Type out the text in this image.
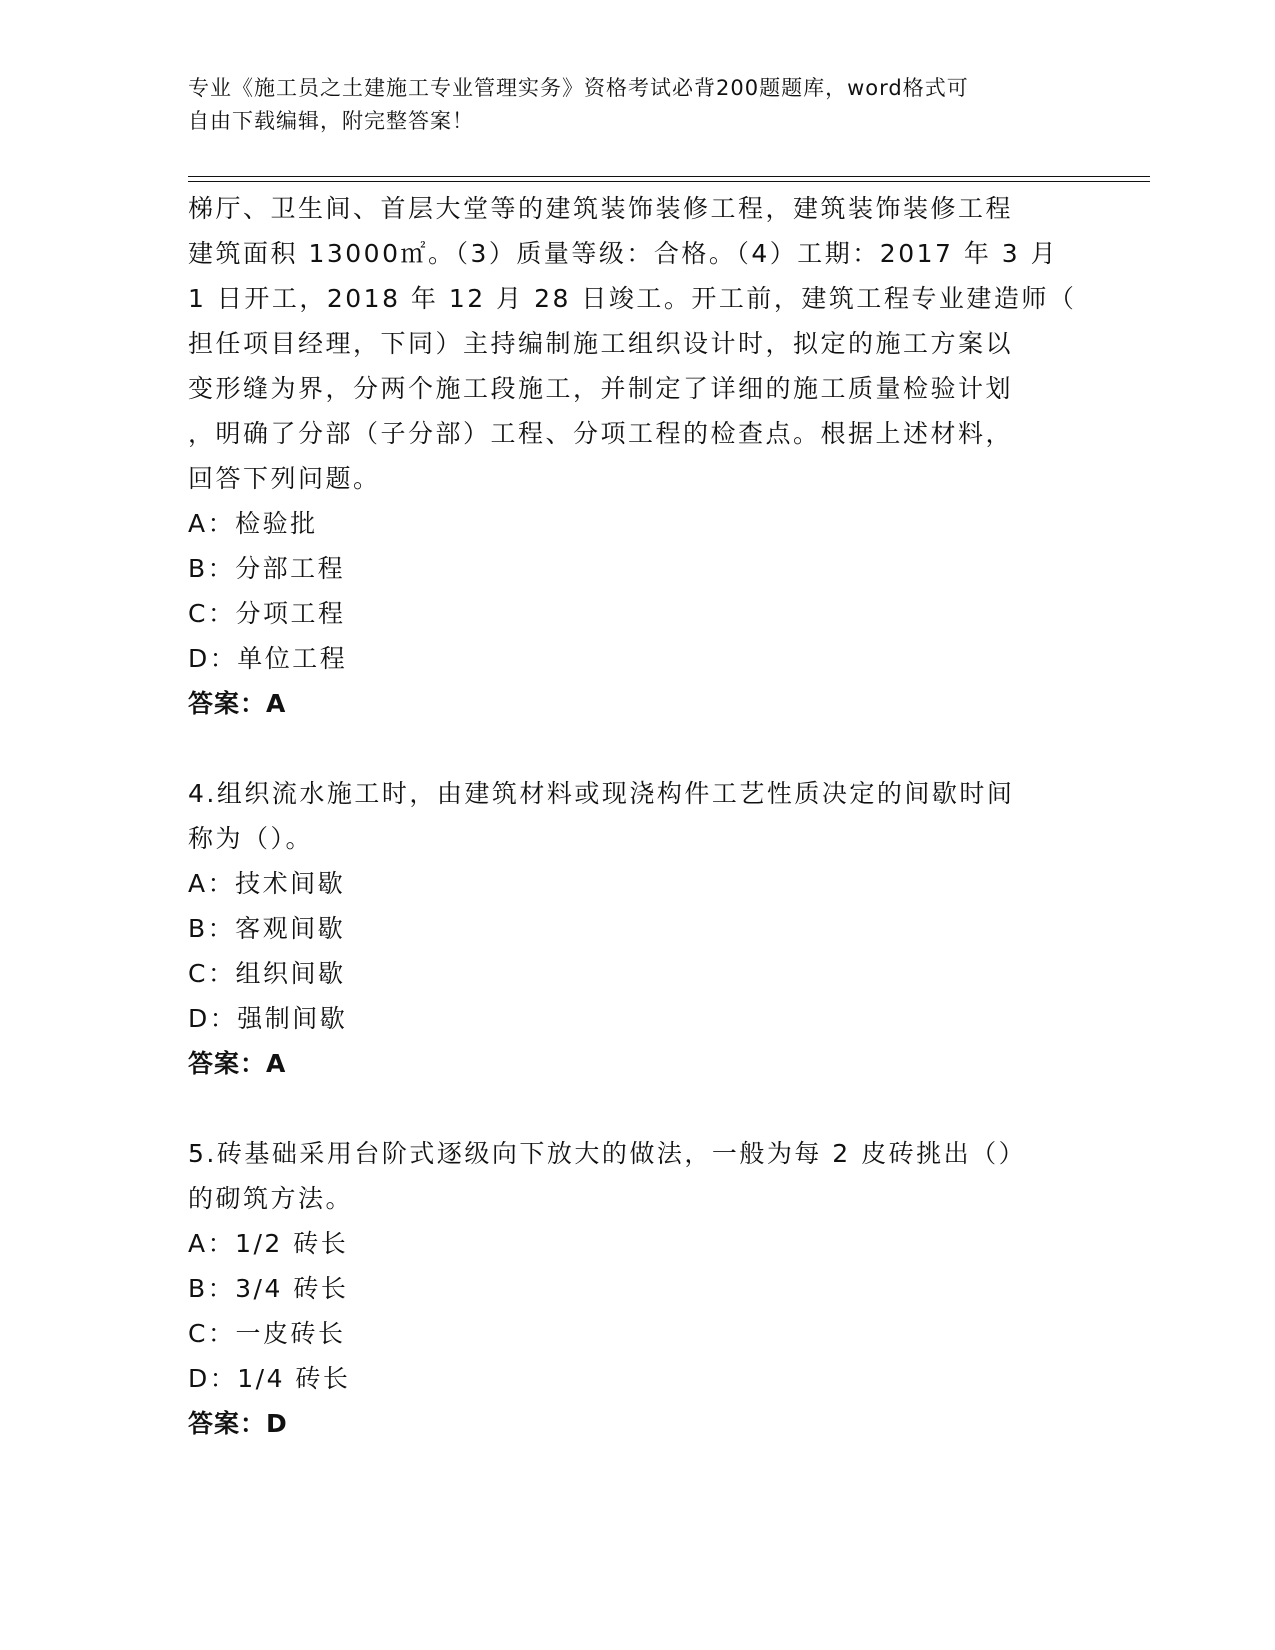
专业《施工员之土建施工专业管理实务》资格考试必背200题题库，word格式可
自由下载编辑，附完整答案！
梯厅、卫生间、首层大堂等的建筑装饰装修工程，建筑装饰装修工程
建筑面积 13000㎡。（3）质量等级：合格。（4）工期：2017 年 3 月
1 日开工，2018 年 12 月 28 日竣工。开工前，建筑工程专业建造师（
担任项目经理，下同）主持编制施工组织设计时，拟定的施工方案以
变形缝为界，分两个施工段施工，并制定了详细的施工质量检验计划
，明确了分部（子分部）工程、分项工程的检查点。根据上述材料，
回答下列问题。
A：检验批
B：分部工程
C：分项工程
D：单位工程
答案：A
4.组织流水施工时，由建筑材料或现浇构件工艺性质决定的间歇时间
称为（）。
A：技术间歇
B：客观间歇
C：组织间歇
D：强制间歇
答案：A
5.砖基础采用台阶式逐级向下放大的做法，一般为每 2 皮砖挑出（）
的砌筑方法。
A：1/2 砖长
B：3/4 砖长
C：一皮砖长
D：1/4 砖长
答案：D
